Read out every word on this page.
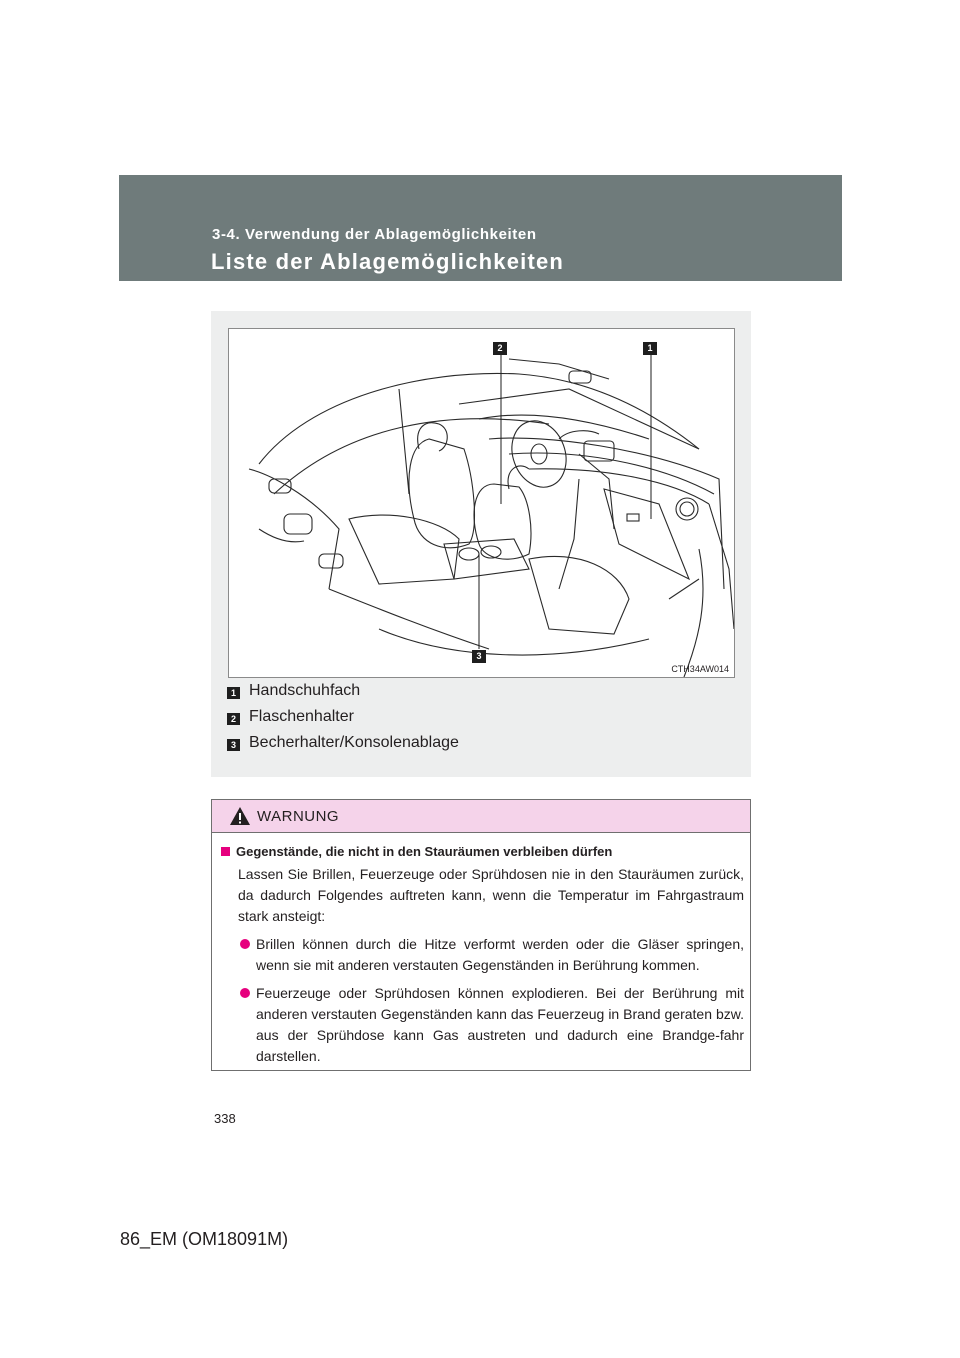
3-4. Verwendung der Ablagemöglichkeiten
Liste der Ablagemöglichkeiten
2	1
3
CTH34AW014
1 Handschuhfach
2 Flaschenhalter
3 Becherhalter/Konsolenablage
WARNUNG
Gegenstände, die nicht in den Stauräumen verbleiben dürfen
Lassen Sie Brillen, Feuerzeuge oder Sprühdosen nie in den Stauräumen zurück, da dadurch Folgendes auftreten kann, wenn die Temperatur im Fahrgastraum stark ansteigt:
Brillen können durch die Hitze verformt werden oder die Gläser springen, wenn sie mit anderen verstauten Gegenständen in Berührung kommen.
Feuerzeuge oder Sprühdosen können explodieren. Bei der Berührung mit anderen verstauten Gegenständen kann das Feuerzeug in Brand geraten bzw. aus der Sprühdose kann Gas austreten und dadurch eine Brandge-fahr darstellen.
338
86_EM (OM18091M)
